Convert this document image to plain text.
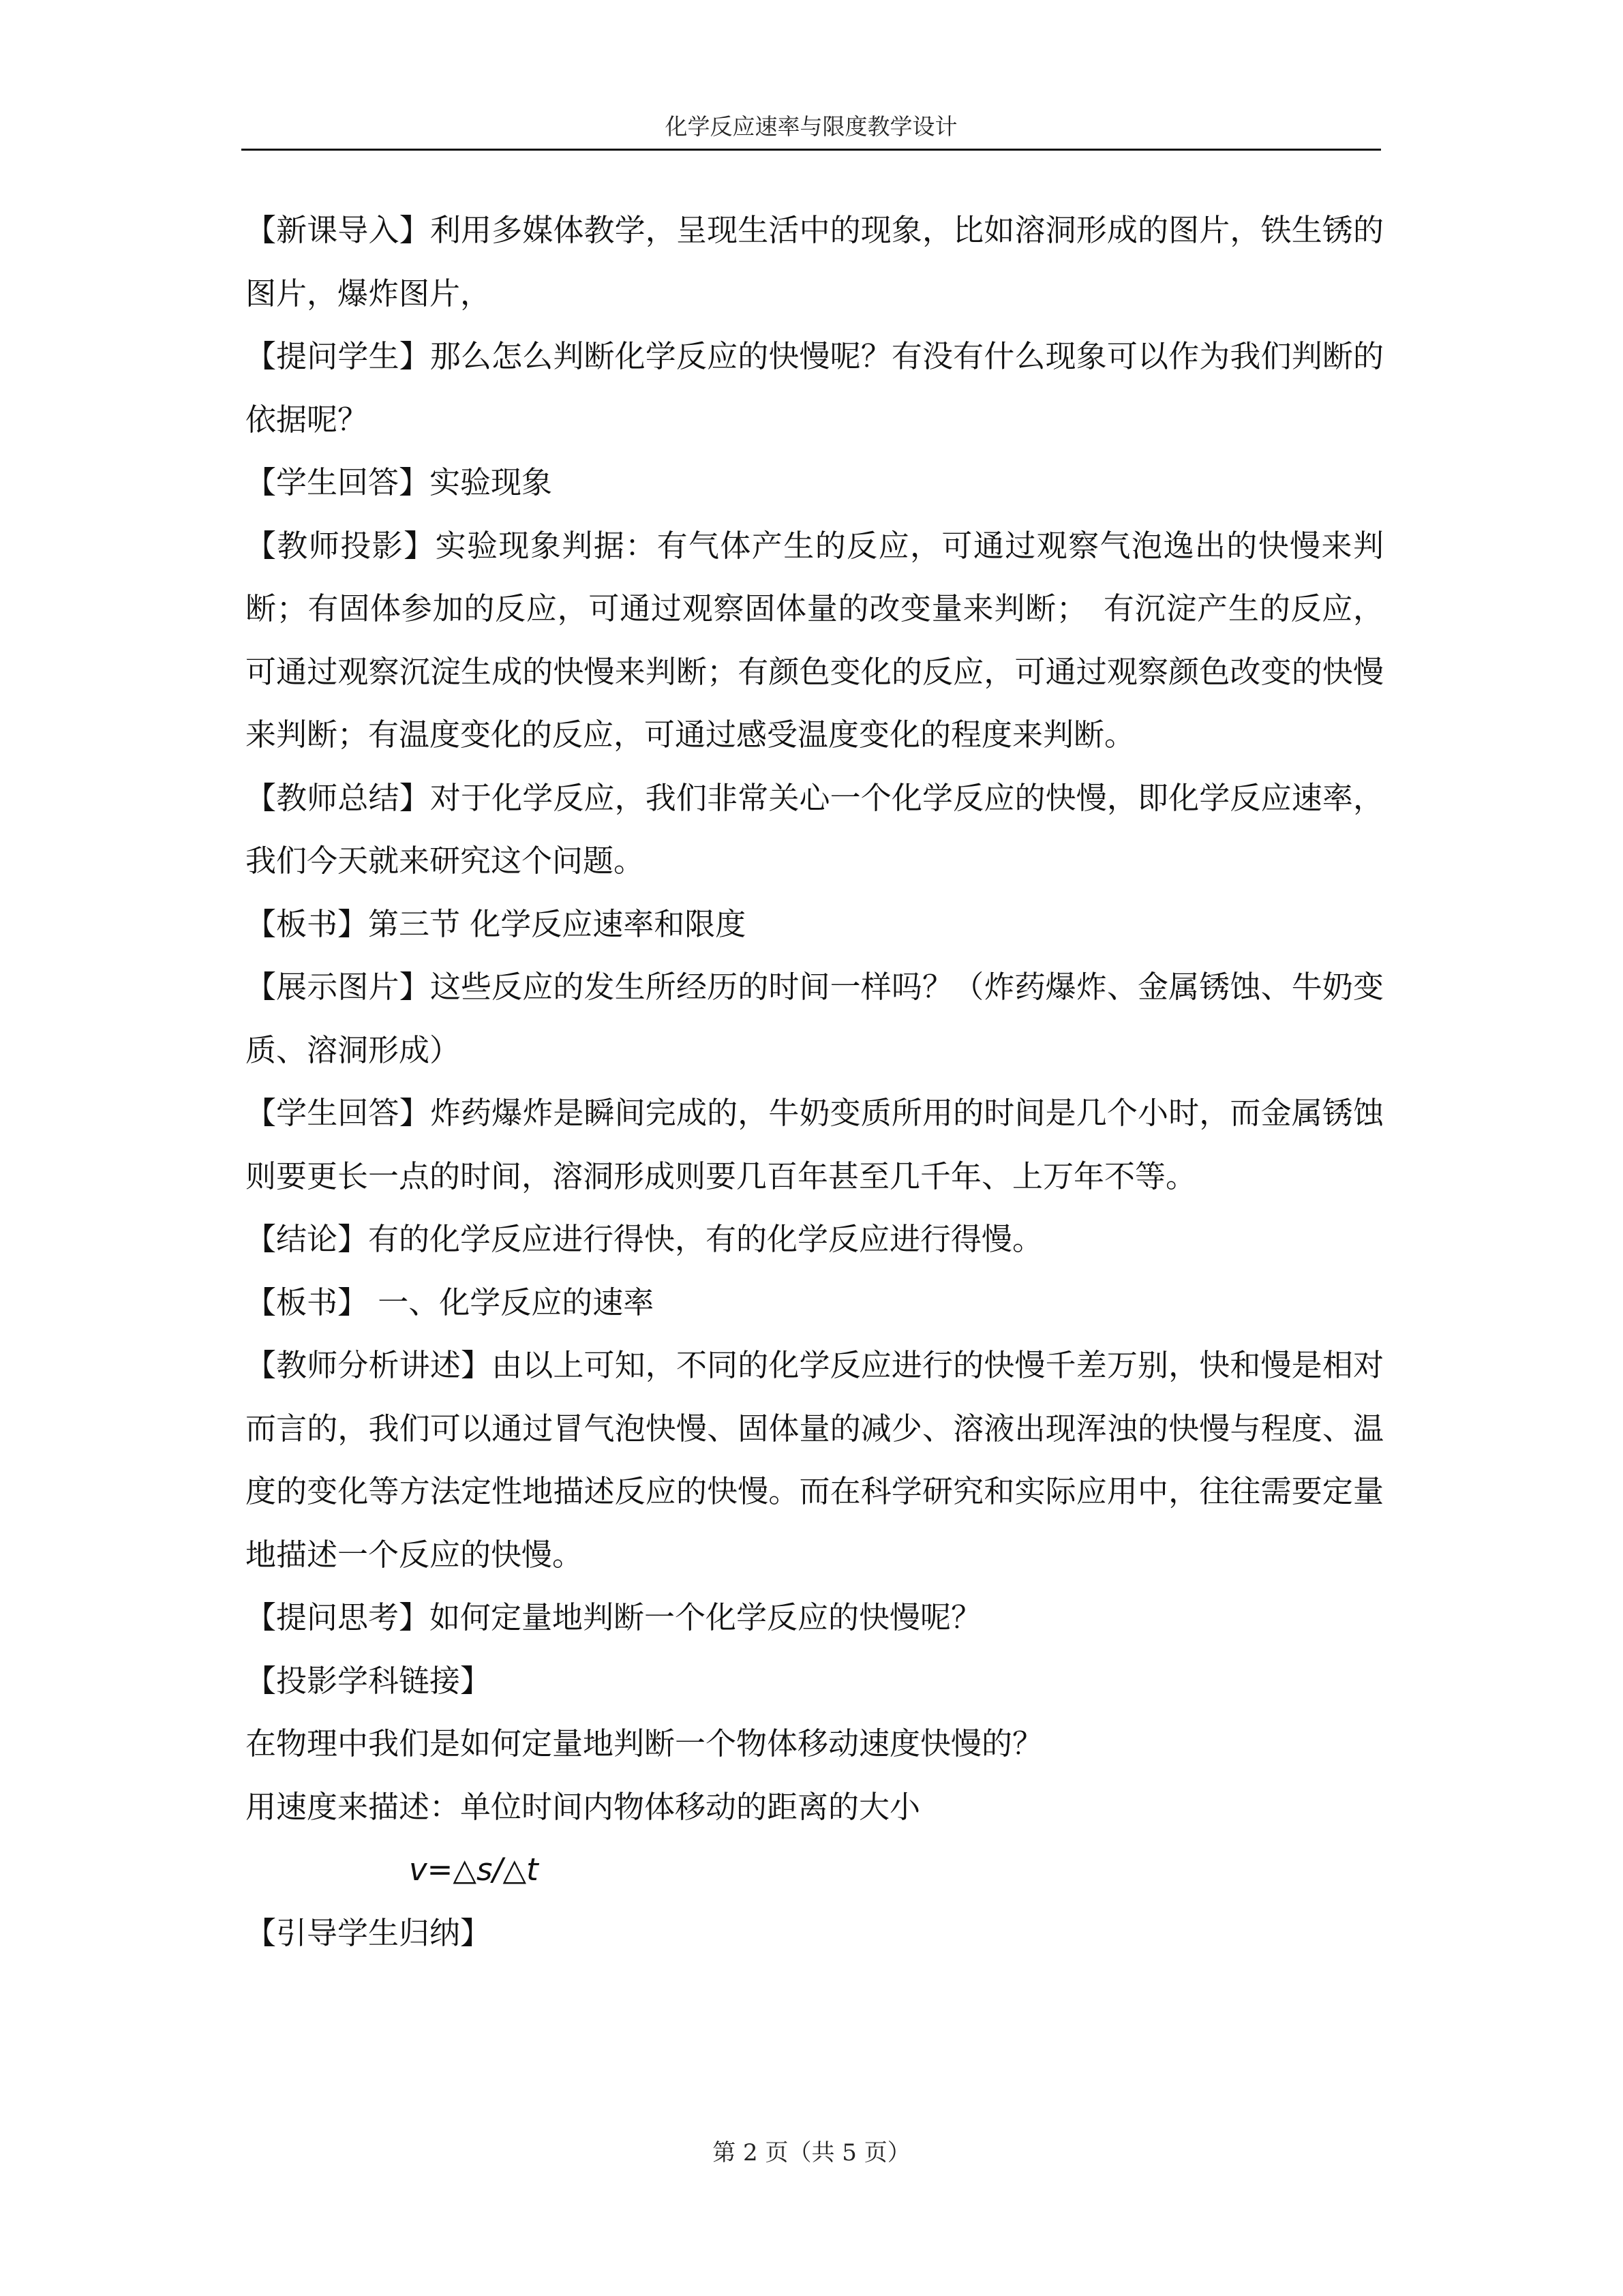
化学反应速率与限度教学设计

【新课导入】利用多媒体教学，呈现生活中的现象，比如溶洞形成的图片，铁生锈的图片，爆炸图片，

【提问学生】那么怎么判断化学反应的快慢呢？有没有什么现象可以作为我们判断的依据呢？

【学生回答】实验现象

【教师投影】实验现象判据：有气体产生的反应，可通过观察气泡逸出的快慢来判断；有固体参加的反应，可通过观察固体量的改变量来判断；　有沉淀产生的反应，可通过观察沉淀生成的快慢来判断；有颜色变化的反应，可通过观察颜色改变的快慢来判断；有温度变化的反应，可通过感受温度变化的程度来判断。

【教师总结】对于化学反应，我们非常关心一个化学反应的快慢，即化学反应速率，我们今天就来研究这个问题。

【板书】第三节 化学反应速率和限度

【展示图片】这些反应的发生所经历的时间一样吗？（炸药爆炸、金属锈蚀、牛奶变质、溶洞形成）

【学生回答】炸药爆炸是瞬间完成的，牛奶变质所用的时间是几个小时，而金属锈蚀则要更长一点的时间，溶洞形成则要几百年甚至几千年、上万年不等。

【结论】有的化学反应进行得快，有的化学反应进行得慢。

【板书】 一、化学反应的速率

【教师分析讲述】由以上可知，不同的化学反应进行的快慢千差万别，快和慢是相对而言的，我们可以通过冒气泡快慢、固体量的减少、溶液出现浑浊的快慢与程度、温度的变化等方法定性地描述反应的快慢。而在科学研究和实际应用中，往往需要定量地描述一个反应的快慢。

【提问思考】如何定量地判断一个化学反应的快慢呢？

【投影学科链接】

在物理中我们是如何定量地判断一个物体移动速度快慢的？

用速度来描述：单位时间内物体移动的距离的大小

v=△s/△t

【引导学生归纳】

第 2 页（共 5 页）
